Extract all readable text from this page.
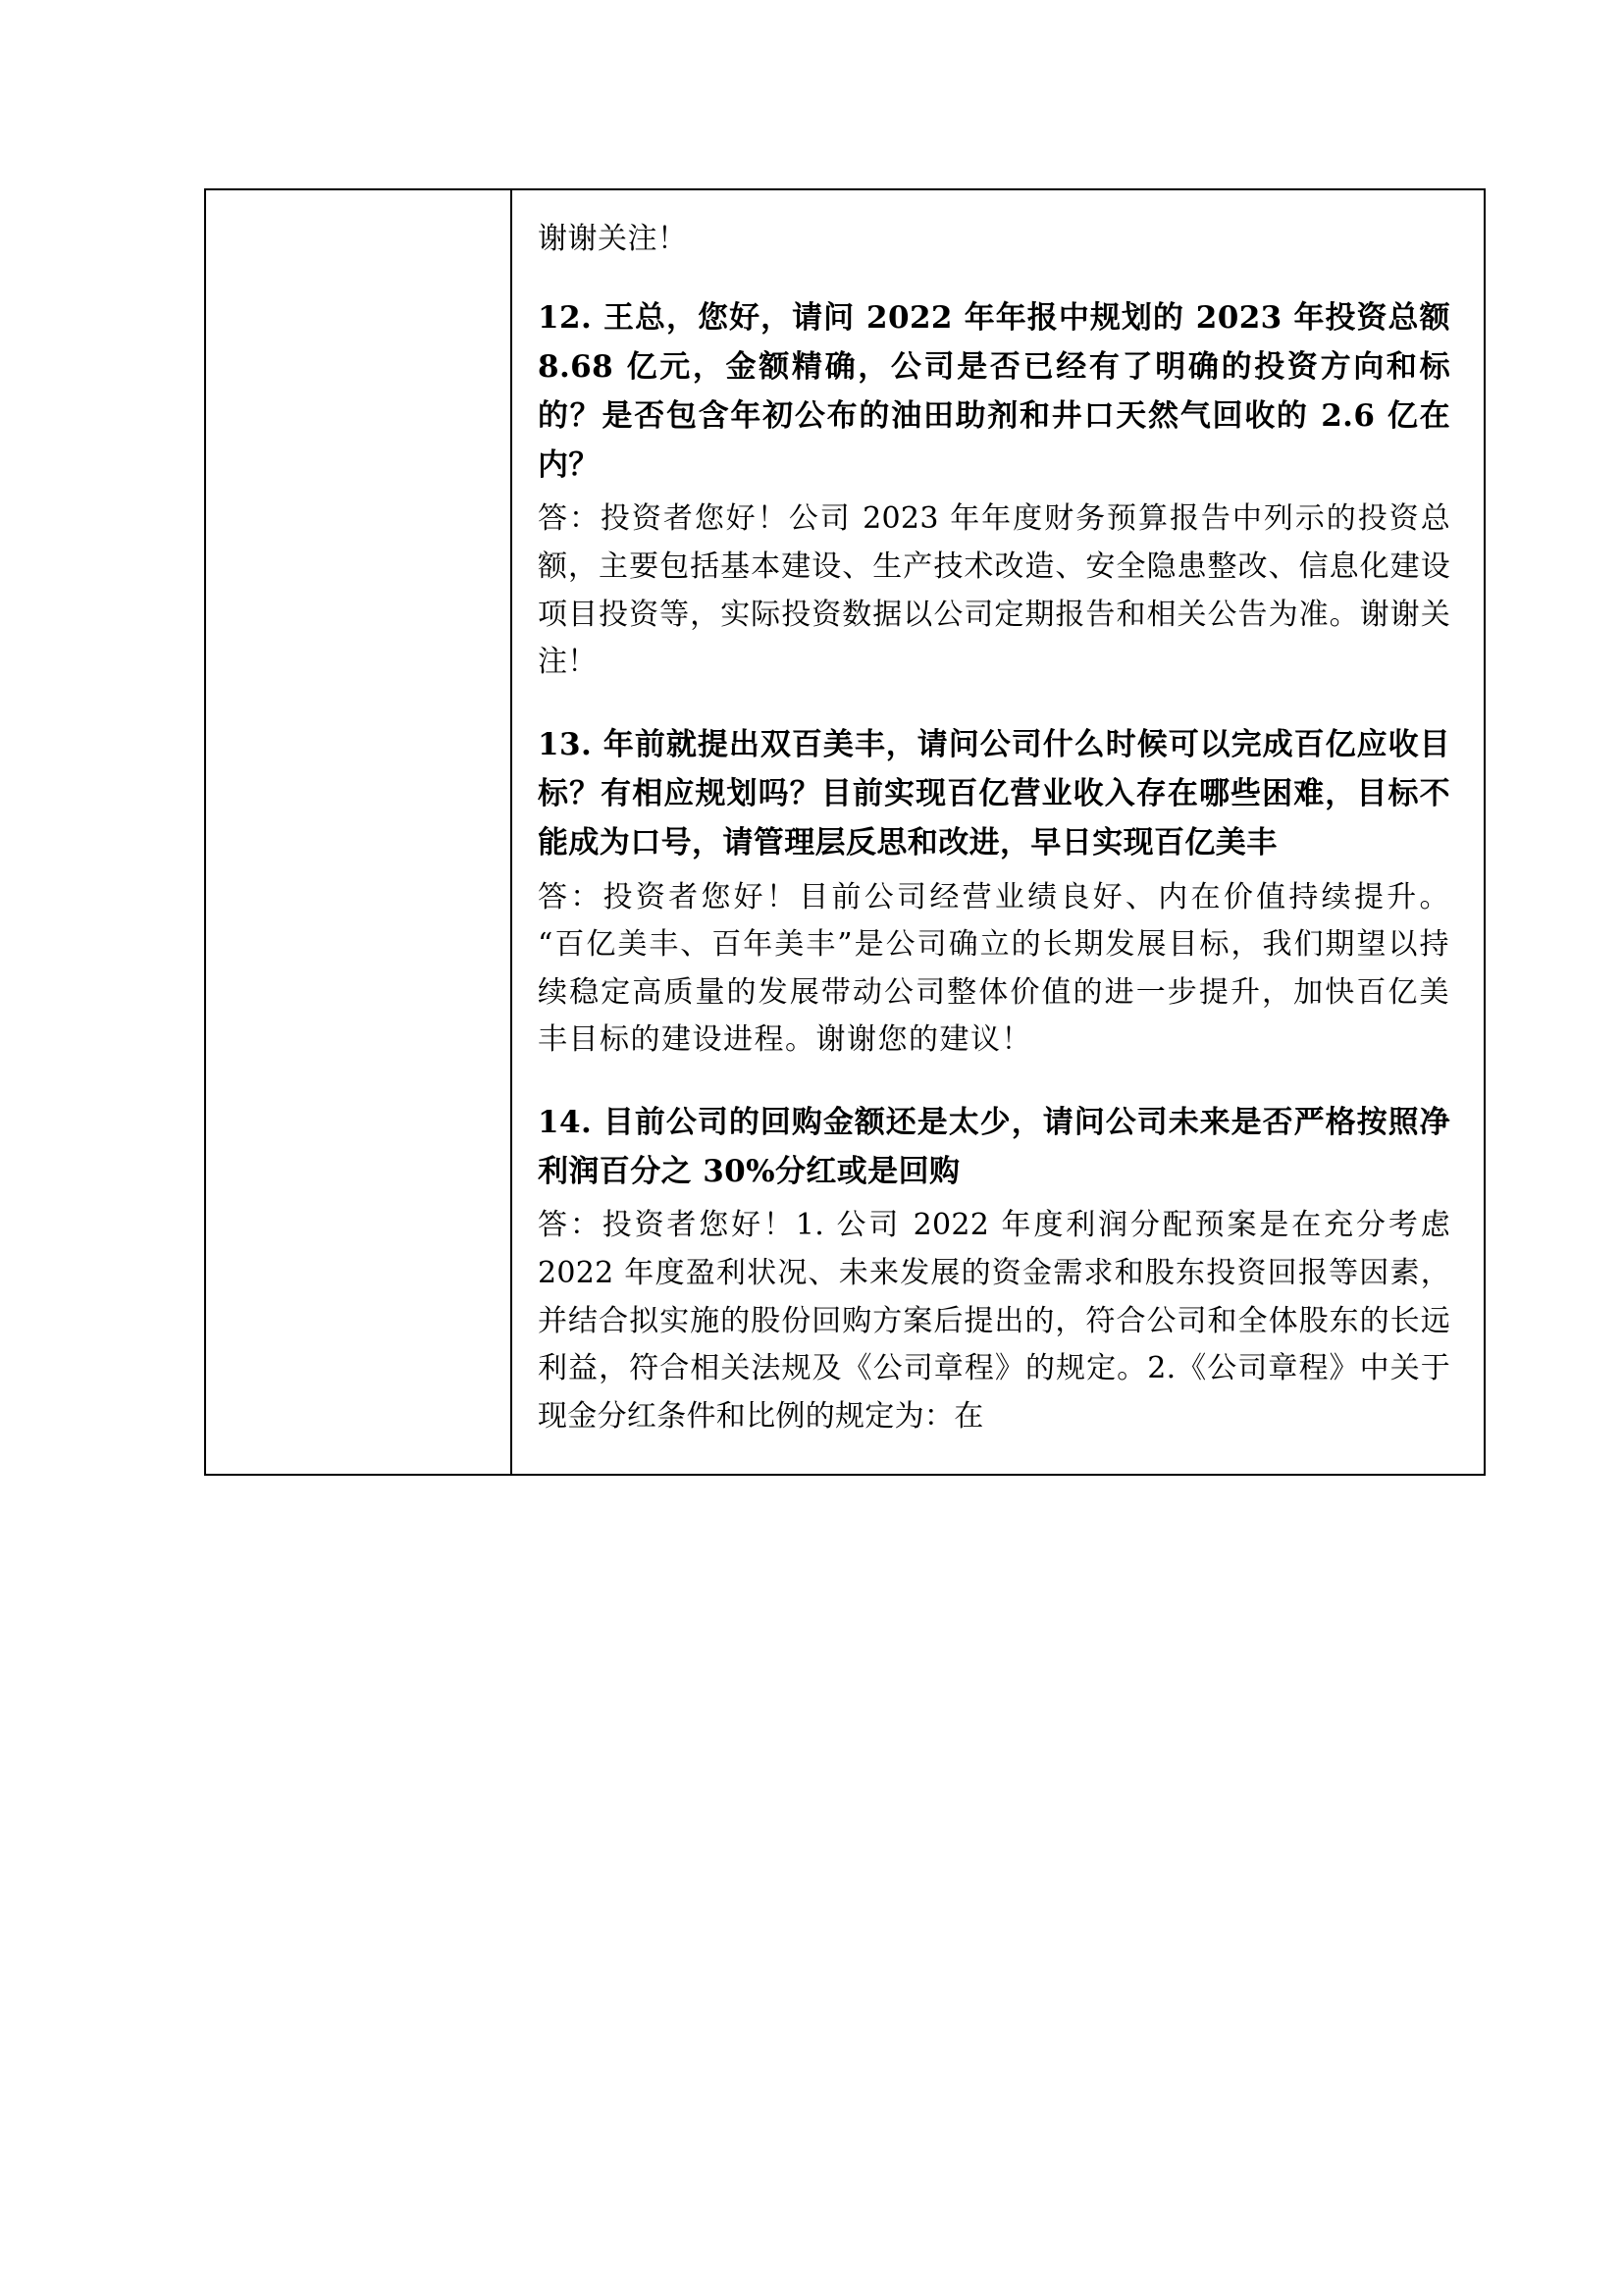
谢谢关注！

12. 王总，您好，请问 2022 年年报中规划的 2023 年投资总额 8.68 亿元，金额精确，公司是否已经有了明确的投资方向和标的？是否包含年初公布的油田助剂和井口天然气回收的 2.6 亿在内？

答：投资者您好！公司 2023 年年度财务预算报告中列示的投资总额，主要包括基本建设、生产技术改造、安全隐患整改、信息化建设项目投资等，实际投资数据以公司定期报告和相关公告为准。谢谢关注！

13. 年前就提出双百美丰，请问公司什么时候可以完成百亿应收目标？有相应规划吗？目前实现百亿营业收入存在哪些困难，目标不能成为口号，请管理层反思和改进，早日实现百亿美丰

答：投资者您好！目前公司经营业绩良好、内在价值持续提升。“百亿美丰、百年美丰”是公司确立的长期发展目标，我们期望以持续稳定高质量的发展带动公司整体价值的进一步提升，加快百亿美丰目标的建设进程。谢谢您的建议！

14. 目前公司的回购金额还是太少，请问公司未来是否严格按照净利润百分之 30%分红或是回购

答：投资者您好！1. 公司 2022 年度利润分配预案是在充分考虑 2022 年度盈利状况、未来发展的资金需求和股东投资回报等因素，并结合拟实施的股份回购方案后提出的，符合公司和全体股东的长远利益，符合相关法规及《公司章程》的规定。2.《公司章程》中关于现金分红条件和比例的规定为：在
